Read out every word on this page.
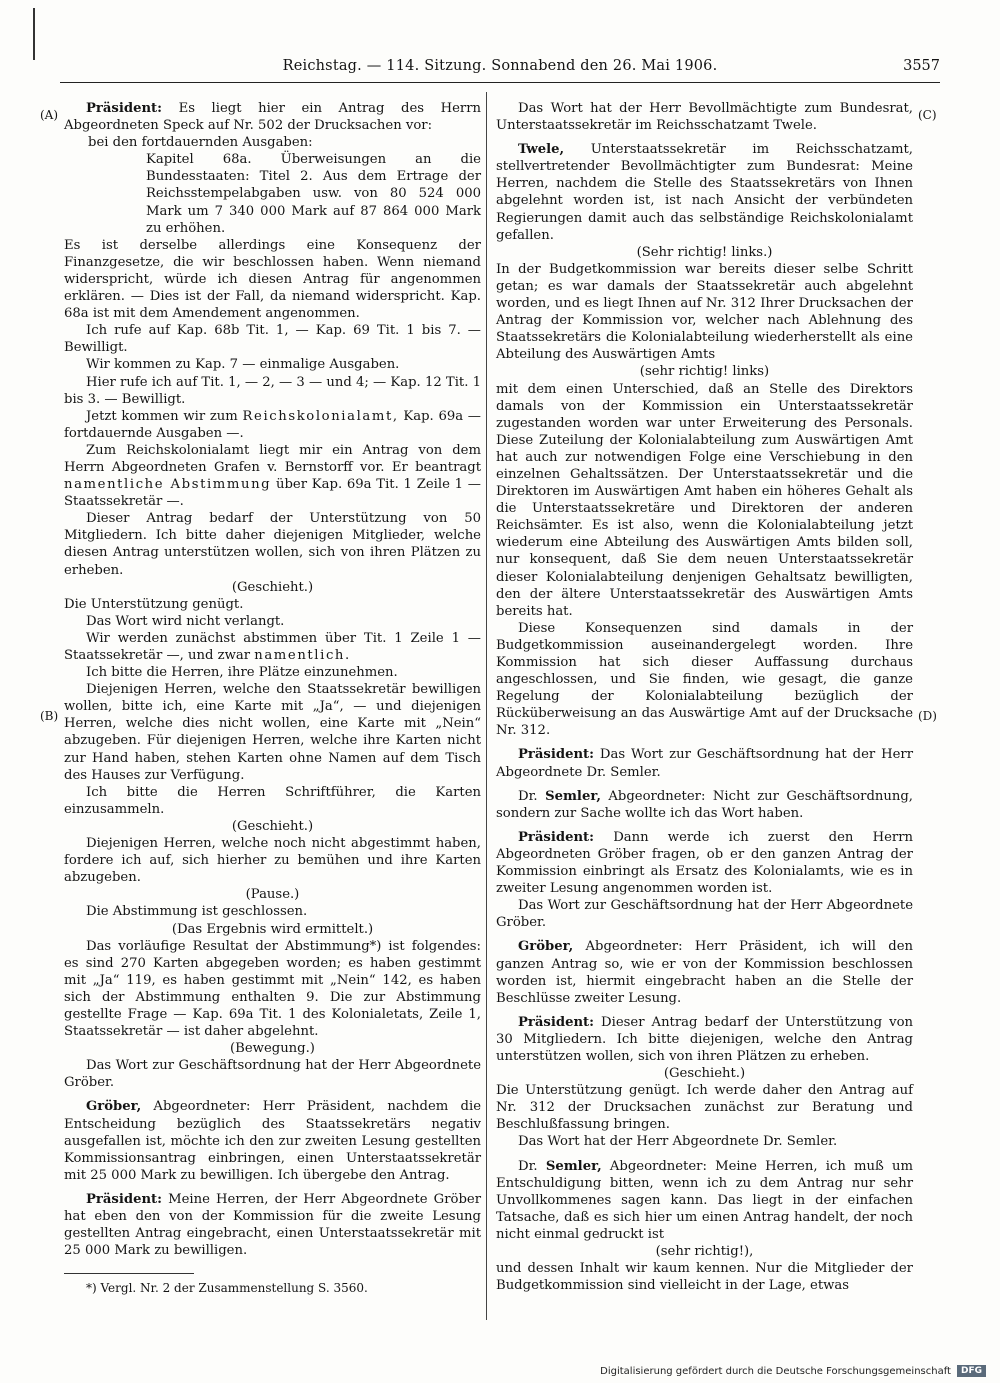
Reichstag. — 114. Sitzung. Sonnabend den 26. Mai 1906.	3557
(A)
(B)
(C)
(D)

Präsident: Es liegt hier ein Antrag des Herrn Abgeordneten Speck auf Nr. 502 der Drucksachen vor:

bei den fortdauernden Ausgaben:

Kapitel 68a. Überweisungen an die Bundesstaaten: Titel 2. Aus dem Ertrage der Reichsstempelabgaben usw. von 80 524 000 Mark um 7 340 000 Mark auf 87 864 000 Mark zu erhöhen.

Es ist derselbe allerdings eine Konsequenz der Finanzgesetze, die wir beschlossen haben. Wenn niemand widerspricht, würde ich diesen Antrag für angenommen erklären. — Dies ist der Fall, da niemand widerspricht. Kap. 68a ist mit dem Amendement angenommen.

Ich rufe auf Kap. 68b Tit. 1, — Kap. 69 Tit. 1 bis 7. — Bewilligt.

Wir kommen zu Kap. 7 — einmalige Ausgaben.

Hier rufe ich auf Tit. 1, — 2, — 3 — und 4; — Kap. 12 Tit. 1 bis 3. — Bewilligt.

Jetzt kommen wir zum Reichskolonialamt, Kap. 69a — fortdauernde Ausgaben —.

Zum Reichskolonialamt liegt mir ein Antrag von dem Herrn Abgeordneten Grafen v. Bernstorff vor. Er beantragt namentliche Abstimmung über Kap. 69a Tit. 1 Zeile 1 — Staatssekretär —.

Dieser Antrag bedarf der Unterstützung von 50 Mitgliedern. Ich bitte daher diejenigen Mitglieder, welche diesen Antrag unterstützen wollen, sich von ihren Plätzen zu erheben.

(Geschieht.)

Die Unterstützung genügt.

Das Wort wird nicht verlangt.

Wir werden zunächst abstimmen über Tit. 1 Zeile 1 — Staatssekretär —, und zwar namentlich.

Ich bitte die Herren, ihre Plätze einzunehmen.

Diejenigen Herren, welche den Staatssekretär bewilligen wollen, bitte ich, eine Karte mit „Ja“, — und diejenigen Herren, welche dies nicht wollen, eine Karte mit „Nein“ abzugeben. Für diejenigen Herren, welche ihre Karten nicht zur Hand haben, stehen Karten ohne Namen auf dem Tisch des Hauses zur Verfügung.

Ich bitte die Herren Schriftführer, die Karten einzusammeln.

(Geschieht.)

Diejenigen Herren, welche noch nicht abgestimmt haben, fordere ich auf, sich hierher zu bemühen und ihre Karten abzugeben.

(Pause.)

Die Abstimmung ist geschlossen.

(Das Ergebnis wird ermittelt.)

Das vorläufige Resultat der Abstimmung*) ist folgendes: es sind 270 Karten abgegeben worden; es haben gestimmt mit „Ja“ 119, es haben gestimmt mit „Nein“ 142, es haben sich der Abstimmung enthalten 9. Die zur Abstimmung gestellte Frage — Kap. 69a Tit. 1 des Kolonialetats, Zeile 1, Staatssekretär — ist daher abgelehnt.

(Bewegung.)

Das Wort zur Geschäftsordnung hat der Herr Abgeordnete Gröber.

Gröber, Abgeordneter: Herr Präsident, nachdem die Entscheidung bezüglich des Staatssekretärs negativ ausgefallen ist, möchte ich den zur zweiten Lesung gestellten Kommissionsantrag einbringen, einen Unterstaatssekretär mit 25 000 Mark zu bewilligen. Ich übergebe den Antrag.

Präsident: Meine Herren, der Herr Abgeordnete Gröber hat eben den von der Kommission für die zweite Lesung gestellten Antrag eingebracht, einen Unterstaatssekretär mit 25 000 Mark zu bewilligen.

*) Vergl. Nr. 2 der Zusammenstellung S. 3560.

Das Wort hat der Herr Bevollmächtigte zum Bundesrat, Unterstaatssekretär im Reichsschatzamt Twele.

Twele, Unterstaatssekretär im Reichsschatzamt, stellvertretender Bevollmächtigter zum Bundesrat: Meine Herren, nachdem die Stelle des Staatssekretärs von Ihnen abgelehnt worden ist, ist nach Ansicht der verbündeten Regierungen damit auch das selbständige Reichskolonialamt gefallen.

(Sehr richtig! links.)

In der Budgetkommission war bereits dieser selbe Schritt getan; es war damals der Staatssekretär auch abgelehnt worden, und es liegt Ihnen auf Nr. 312 Ihrer Drucksachen der Antrag der Kommission vor, welcher nach Ablehnung des Staatssekretärs die Kolonialabteilung wiederherstellt als eine Abteilung des Auswärtigen Amts

(sehr richtig! links)

mit dem einen Unterschied, daß an Stelle des Direktors damals von der Kommission ein Unterstaatssekretär zugestanden worden war unter Erweiterung des Personals. Diese Zuteilung der Kolonialabteilung zum Auswärtigen Amt hat auch zur notwendigen Folge eine Verschiebung in den einzelnen Gehaltssätzen. Der Unterstaatssekretär und die Direktoren im Auswärtigen Amt haben ein höheres Gehalt als die Unterstaatssekretäre und Direktoren der anderen Reichsämter. Es ist also, wenn die Kolonialabteilung jetzt wiederum eine Abteilung des Auswärtigen Amts bilden soll, nur konsequent, daß Sie dem neuen Unterstaatssekretär dieser Kolonialabteilung denjenigen Gehaltsatz bewilligten, den der ältere Unterstaatssekretär des Auswärtigen Amts bereits hat.

Diese Konsequenzen sind damals in der Budgetkommission auseinandergelegt worden. Ihre Kommission hat sich dieser Auffassung durchaus angeschlossen, und Sie finden, wie gesagt, die ganze Regelung der Kolonialabteilung bezüglich der Rücküberweisung an das Auswärtige Amt auf der Drucksache Nr. 312.

Präsident: Das Wort zur Geschäftsordnung hat der Herr Abgeordnete Dr. Semler.

Dr. Semler, Abgeordneter: Nicht zur Geschäftsordnung, sondern zur Sache wollte ich das Wort haben.

Präsident: Dann werde ich zuerst den Herrn Abgeordneten Gröber fragen, ob er den ganzen Antrag der Kommission einbringt als Ersatz des Kolonialamts, wie es in zweiter Lesung angenommen worden ist.

Das Wort zur Geschäftsordnung hat der Herr Abgeordnete Gröber.

Gröber, Abgeordneter: Herr Präsident, ich will den ganzen Antrag so, wie er von der Kommission beschlossen worden ist, hiermit eingebracht haben an die Stelle der Beschlüsse zweiter Lesung.

Präsident: Dieser Antrag bedarf der Unterstützung von 30 Mitgliedern. Ich bitte diejenigen, welche den Antrag unterstützen wollen, sich von ihren Plätzen zu erheben.

(Geschieht.)

Die Unterstützung genügt. Ich werde daher den Antrag auf Nr. 312 der Drucksachen zunächst zur Beratung und Beschlußfassung bringen.

Das Wort hat der Herr Abgeordnete Dr. Semler.

Dr. Semler, Abgeordneter: Meine Herren, ich muß um Entschuldigung bitten, wenn ich zu dem Antrag nur sehr Unvollkommenes sagen kann. Das liegt in der einfachen Tatsache, daß es sich hier um einen Antrag handelt, der noch nicht einmal gedruckt ist

(sehr richtig!),

und dessen Inhalt wir kaum kennen. Nur die Mitglieder der Budgetkommission sind vielleicht in der Lage, etwas

Digitalisierung gefördert durch die Deutsche Forschungsgemeinschaft	DFG
